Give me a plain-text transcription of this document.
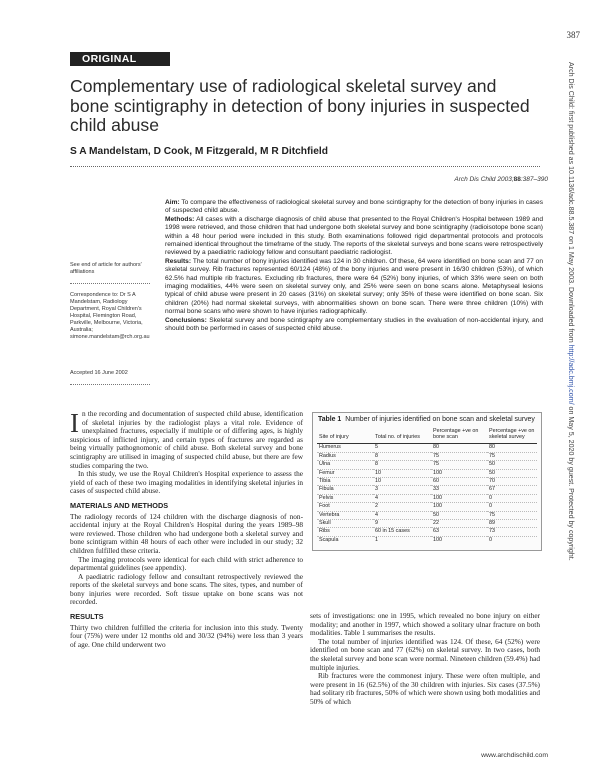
387
ORIGINAL ARTICLE
Complementary use of radiological skeletal survey and bone scintigraphy in detection of bony injuries in suspected child abuse
S A Mandelstam, D Cook, M Fitzgerald, M R Ditchfield
Arch Dis Child 2003;88:387–390

Aim: To compare the effectiveness of radiological skeletal survey and bone scintigraphy for the detection of bony injuries in cases of suspected child abuse.

Methods: All cases with a discharge diagnosis of child abuse that presented to the Royal Children's Hospital between 1989 and 1998 were retrieved, and those children that had undergone both skeletal survey and bone scintigraphy (radioisotope bone scan) within a 48 hour period were included in this study. Both examinations followed rigid departmental protocols and protocols remained identical throughout the timeframe of the study. The reports of the skeletal surveys and bone scans were retrospectively reviewed by a paediatric radiology fellow and consultant paediatric radiologist.

Results: The total number of bony injuries identified was 124 in 30 children. Of these, 64 were identified on bone scan and 77 on skeletal survey. Rib fractures represented 60/124 (48%) of the bony injuries and were present in 16/30 children (53%), of which 62.5% had multiple rib fractures. Excluding rib fractures, there were 64 (52%) bony injuries, of which 33% were seen on both imaging modalities, 44% were seen on skeletal survey only, and 25% were seen on bone scans alone. Metaphyseal lesions typical of child abuse were present in 20 cases (31%) on skeletal survey; only 35% of these were identified on bone scan. Six children (20%) had normal skeletal surveys, with abnormalities shown on bone scan. There were three children (10%) with normal bone scans who were shown to have injuries radiographically.

Conclusions: Skeletal survey and bone scintigraphy are complementary studies in the evaluation of non-accidental injury, and should both be performed in cases of suspected child abuse.

See end of article for authors' affiliations
Correspondence to: Dr S A Mandelstam, Radiology Department, Royal Children's Hospital, Flemington Road, Parkville, Melbourne, Victoria, Australia; simone.mandelstam@rch.org.au
Accepted 16 June 2002
Arch Dis Child: first published as 10.1136/adc.88.5.387 on 1 May 2003. Downloaded from http://adc.bmj.com/ on May 5, 2020 by guest. Protected by copyright.

In the recording and documentation of suspected child abuse, identification of skeletal injuries by the radiologist plays a vital role. Evidence of unexplained fractures, especially if multiple or of differing ages, is highly suspicious of inflicted injury, and certain types of fractures are regarded as being virtually pathognomonic of child abuse. Both skeletal survey and bone scintigraphy are utilised in imaging of suspected child abuse, but there are few studies comparing the two.

In this study, we use the Royal Children's Hospital experience to assess the yield of each of these two imaging modalities in identifying skeletal injuries in cases of suspected child abuse.

MATERIALS AND METHODS

The radiology records of 124 children with the discharge diagnosis of non-accidental injury at the Royal Children's Hospital during the years 1989–98 were reviewed. Those children who had undergone both a skeletal survey and bone scintigram within 48 hours of each other were included in our study; 32 children fulfilled these criteria.

The imaging protocols were identical for each child with strict adherence to departmental guidelines (see appendix).

A paediatric radiology fellow and consultant retrospectively reviewed the reports of the skeletal surveys and bone scans. The sites, types, and number of bony injuries were recorded. Soft tissue uptake on bone scans was not recorded.

RESULTS

Thirty two children fulfilled the criteria for inclusion into this study. Twenty four (75%) were under 12 months old and 30/32 (94%) were less than 3 years of age. One child underwent two

Table 1 Number of injuries identified on bone scan and skeletal survey
Site of injury	Total no. of injuries	Percentage +ve on bone scan	Percentage +ve on skeletal survey
Humerus	5	80	80
Radius	8	75	75
Ulna	8	75	50
Femur	10	100	50
Tibia	10	60	70
Fibula	3	33	67
Pelvis	4	100	0
Foot	2	100	0
Vertebra	4	50	75
Skull	9	22	89
Ribs	60 in 15 cases	63	73
Scapula	1	100	0

sets of investigations: one in 1995, which revealed no bone injury on either modality; and another in 1997, which showed a solitary ulnar fracture on both modalities. Table 1 summarises the results.

The total number of injuries identified was 124. Of these, 64 (52%) were identified on bone scan and 77 (62%) on skeletal survey. In two cases, both the skeletal survey and bone scan were normal. Nineteen children (59.4%) had multiple injuries.

Rib fractures were the commonest injury. These were often multiple, and were present in 16 (62.5%) of the 30 children with injuries. Six cases (37.5%) had solitary rib fractures, 50% of which were shown using both modalities and 50% of which

www.archdischild.com
